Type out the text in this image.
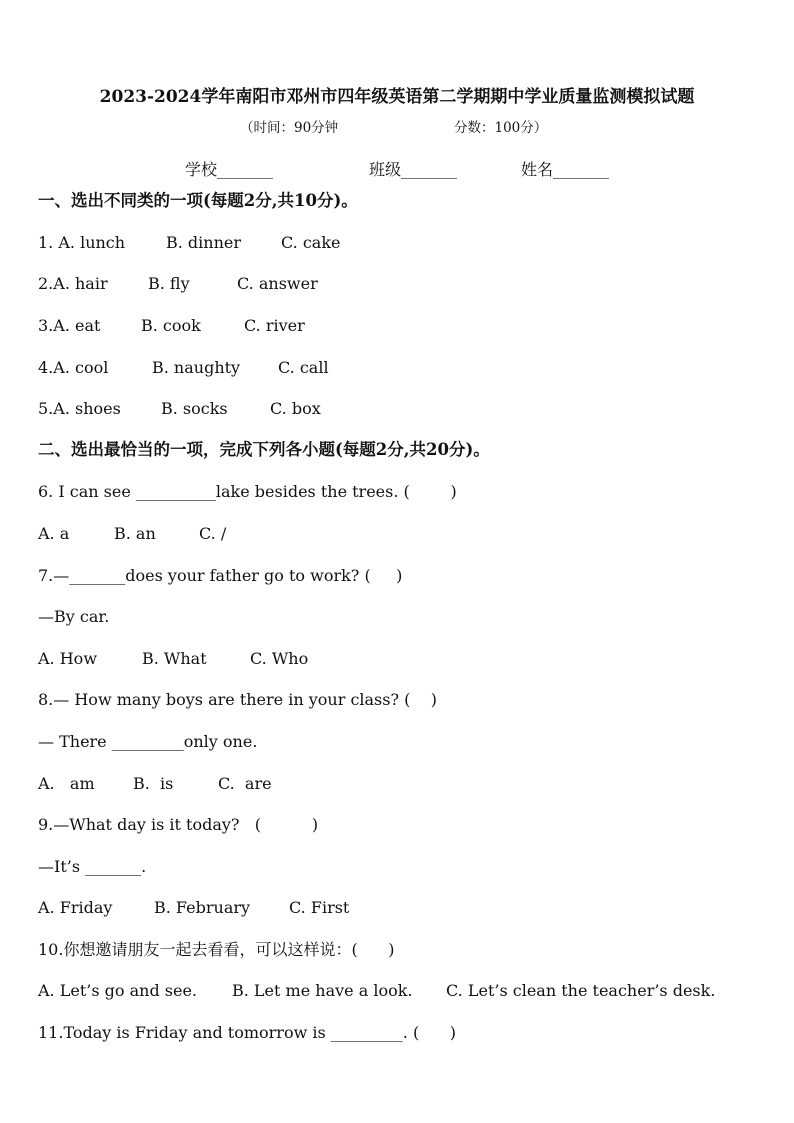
2023-2024学年南阳市邓州市四年级英语第二学期期中学业质量监测模拟试题
（时间：90分钟	分数：100分）
学校_______	班级_______	姓名_______
一、选出不同类的一项(每题2分,共10分)。
1. A. lunch	B. dinner C. cake
2.A. hair	B. fly	C. answer
3.A. eat	B. cook	C. river
4.A. cool	B. naughty C. call
5.A. shoes	B. socks	C. box
二、选出最恰当的一项，完成下列各小题(每题2分,共20分)。
6. I can see __________lake besides the trees. (        )
A. a	B. an	C. /
7.—_______does your father go to work? (     )
—By car.
A. How	B. What	C. Who
8.— How many boys are there in your class? (    )
— There _________only one.
A.   am B.  is	C.  are
9.—What day is it today?   (          )
—It’s _______.
A. Friday	B. February C. First
10.你想邀请朋友一起去看看，可以这样说：(      )
A. Let’s go and see. B. Let me have a look. C. Let’s clean the teacher’s desk.
11.Today is Friday and tomorrow is _________. (      )
